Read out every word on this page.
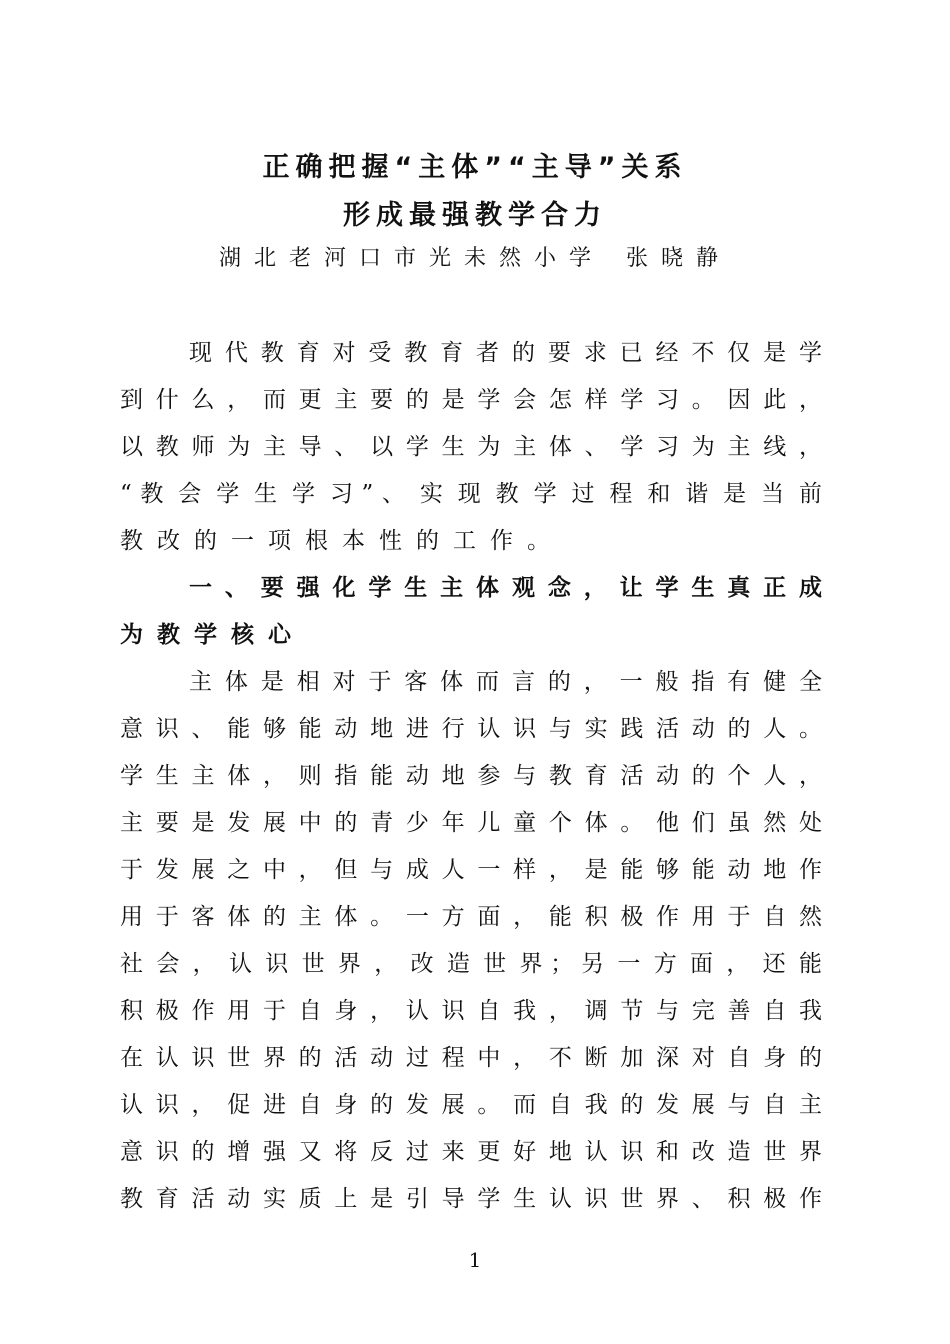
正确把握“主体”“主导”关系
形成最强教学合力
湖北老河口市光未然小学 张晓静
现 代 教 育 对 受 教 育 者 的 要 求 已 经 不 仅 是 学
到 什 么 ， 而 更 主 要 的 是 学 会 怎 样 学 习 。 因 此 ，
以 教 师 为 主 导 、 以 学 生 为 主 体 、 学 习 为 主 线 ，
“ 教 会 学 生 学 习 ” 、 实 现 教 学 过 程 和 谐 是 当 前
教改的一项根本性的工作。
一 、 要 强 化 学 生 主 体 观 念 ， 让 学 生 真 正 成
为教学核心
主 体 是 相 对 于 客 体 而 言 的 ， 一 般 指 有 健 全
意 识 、 能 够 能 动 地 进 行 认 识 与 实 践 活 动 的 人 。
学 生 主 体 ， 则 指 能 动 地 参 与 教 育 活 动 的 个 人 ，
主 要 是 发 展 中 的 青 少 年 儿 童 个 体 。 他 们 虽 然 处
于 发 展 之 中 ， 但 与 成 人 一 样 ， 是 能 够 能 动 地 作
用 于 客 体 的 主 体 。 一 方 面 ， 能 积 极 作 用 于 自 然
社 会 ， 认 识 世 界 ， 改 造 世 界 ； 另 一 方 面 ， 还 能
积 极 作 用 于 自 身 ， 认 识 自 我 ， 调 节 与 完 善 自 我
在 认 识 世 界 的 活 动 过 程 中 ， 不 断 加 深 对 自 身 的
认 识 ， 促 进 自 身 的 发 展 。 而 自 我 的 发 展 与 自 主
意 识 的 增 强 又 将 反 过 来 更 好 地 认 识 和 改 造 世 界
教 育 活 动 实 质 上 是 引 导 学 生 认 识 世 界 、 积 极 作
1
